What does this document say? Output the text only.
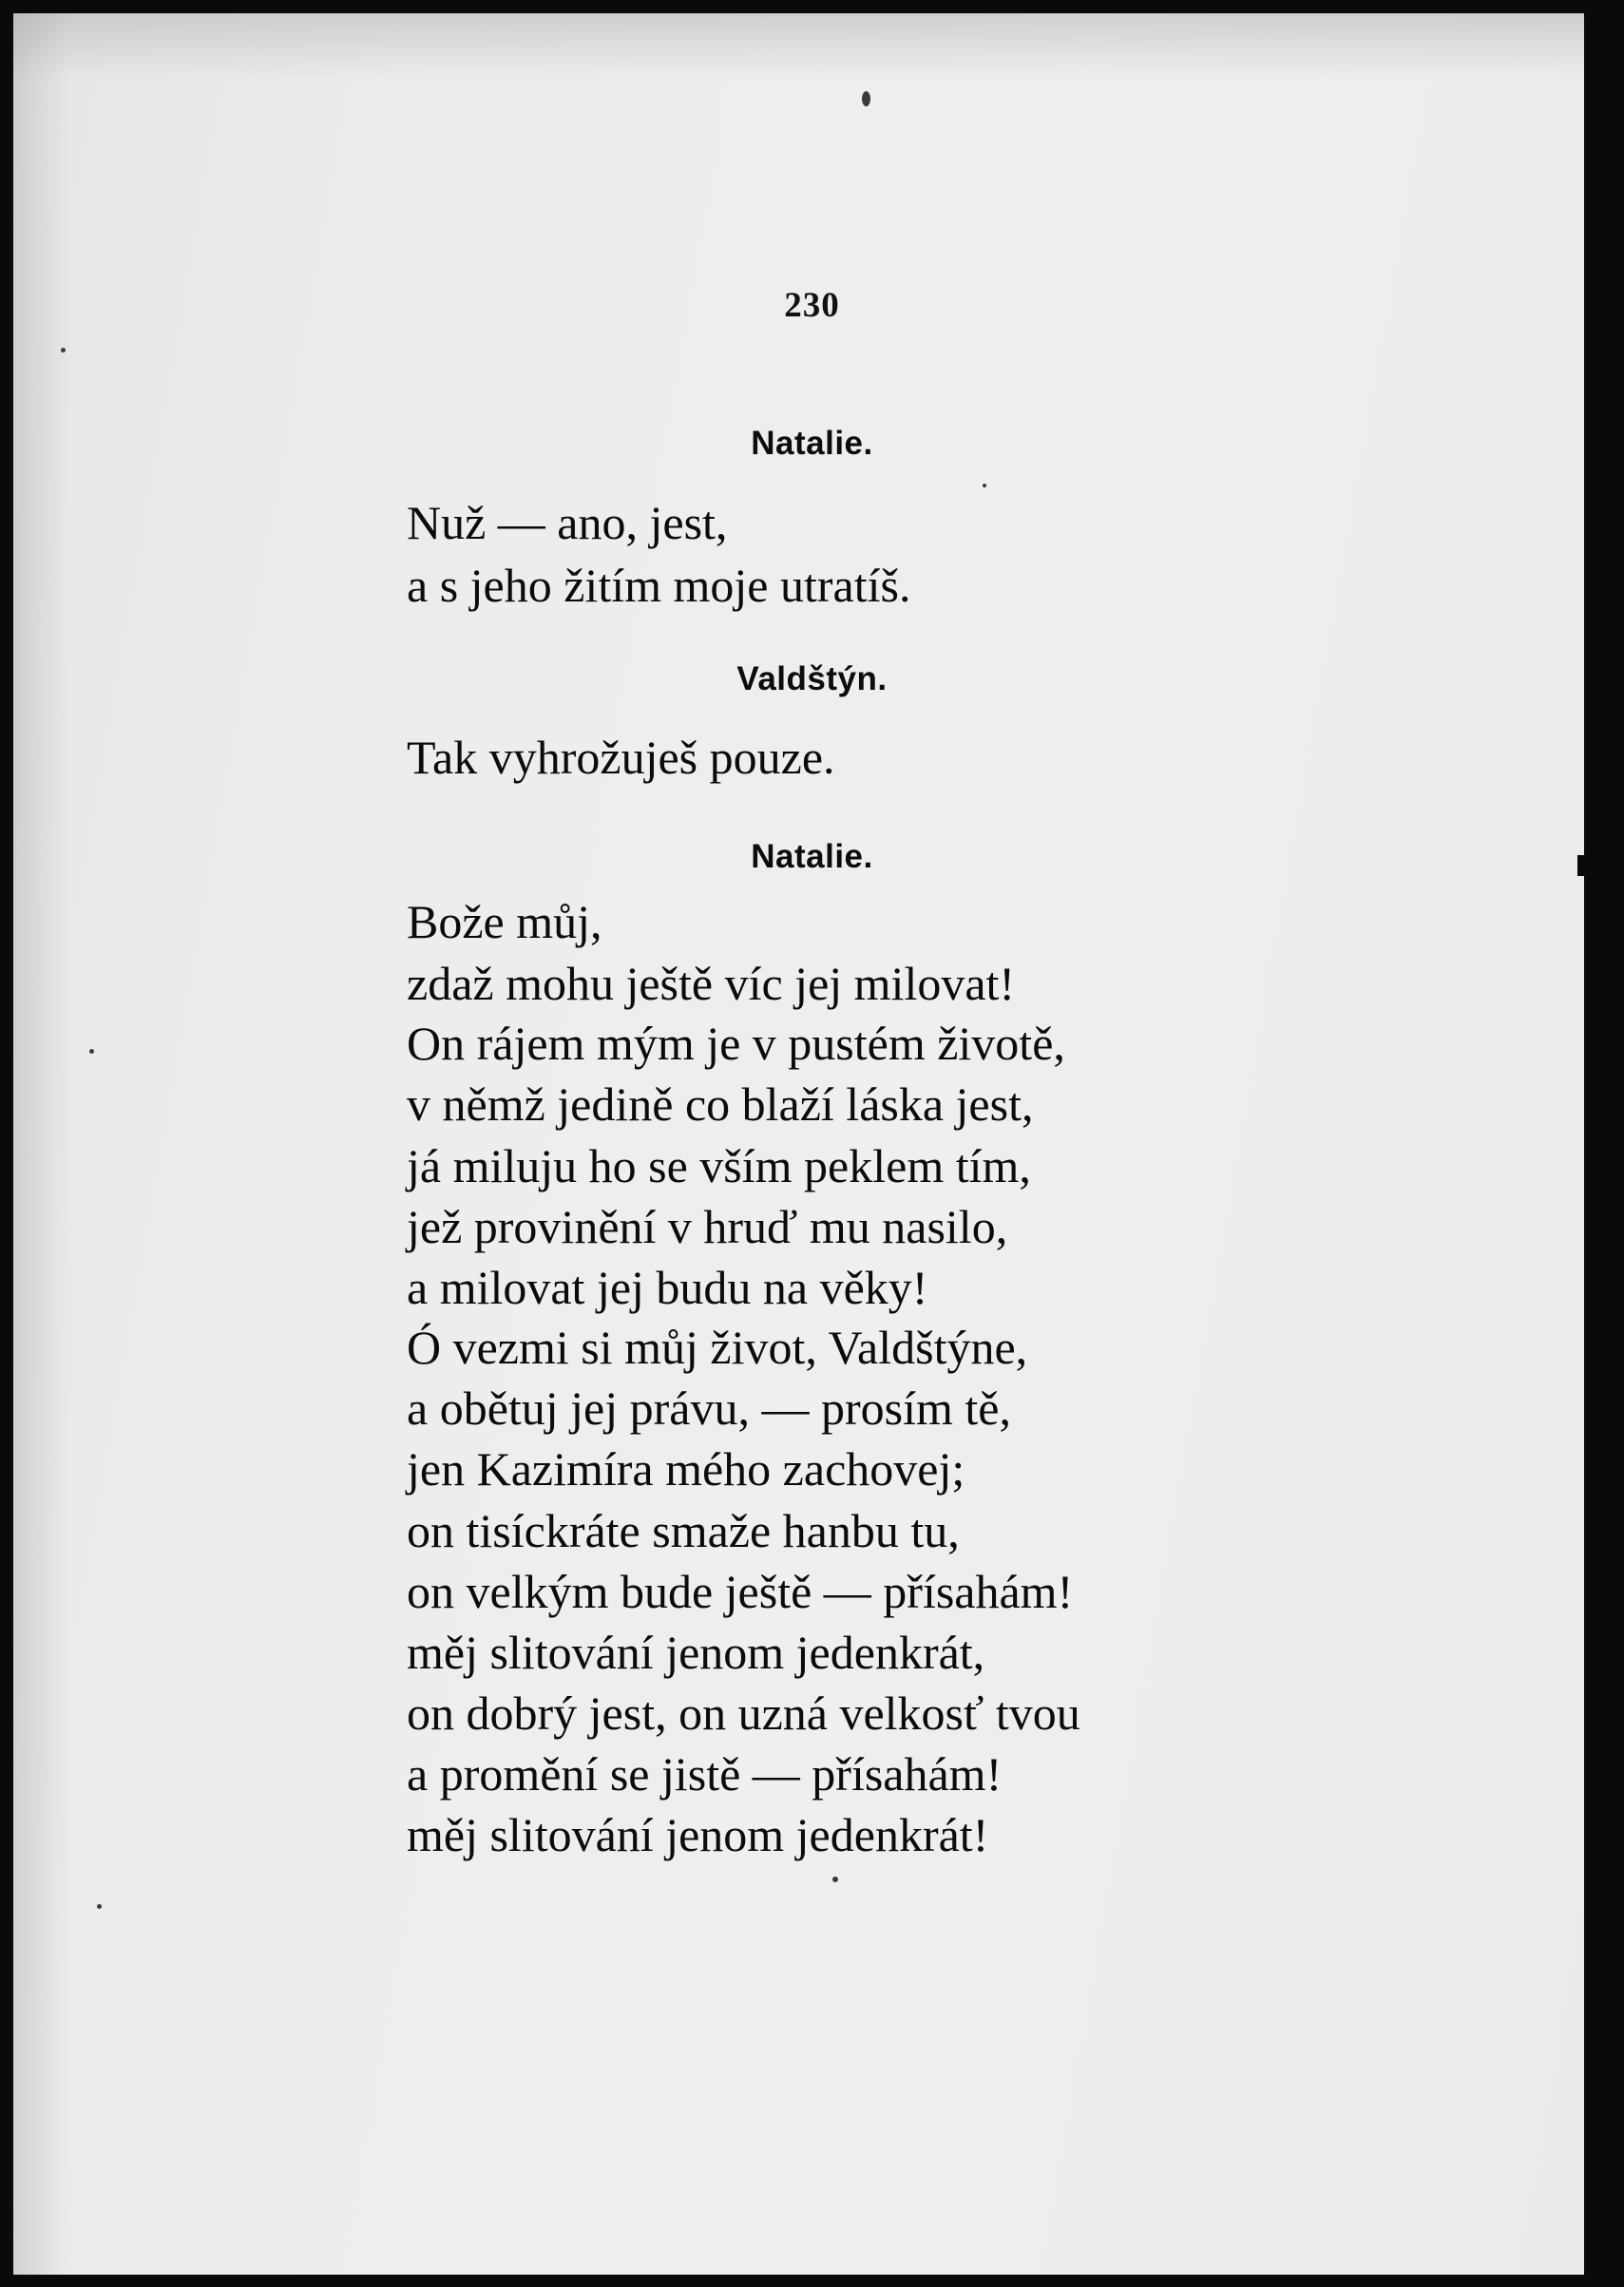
230
Natalie.
Nuž — ano, jest,
a s jeho žitím moje utratíš.
Valdštýn.
Tak vyhrožuješ pouze.
Natalie.
Bože můj,
zdaž mohu ještě víc jej milovat!
On rájem mým je v pustém životě,
v němž jedině co blaží láska jest,
já miluju ho se vším peklem tím,
jež provinění v hruď mu nasilo,
a milovat jej budu na věky!
Ó vezmi si můj život, Valdštýne,
a obětuj jej právu, — prosím tě,
jen Kazimíra mého zachovej;
on tisíckráte smaže hanbu tu,
on velkým bude ještě — přísahám!
měj slitování jenom jedenkrát,
on dobrý jest, on uzná velkosť tvou
a promění se jistě — přísahám!
měj slitování jenom jedenkrát!
